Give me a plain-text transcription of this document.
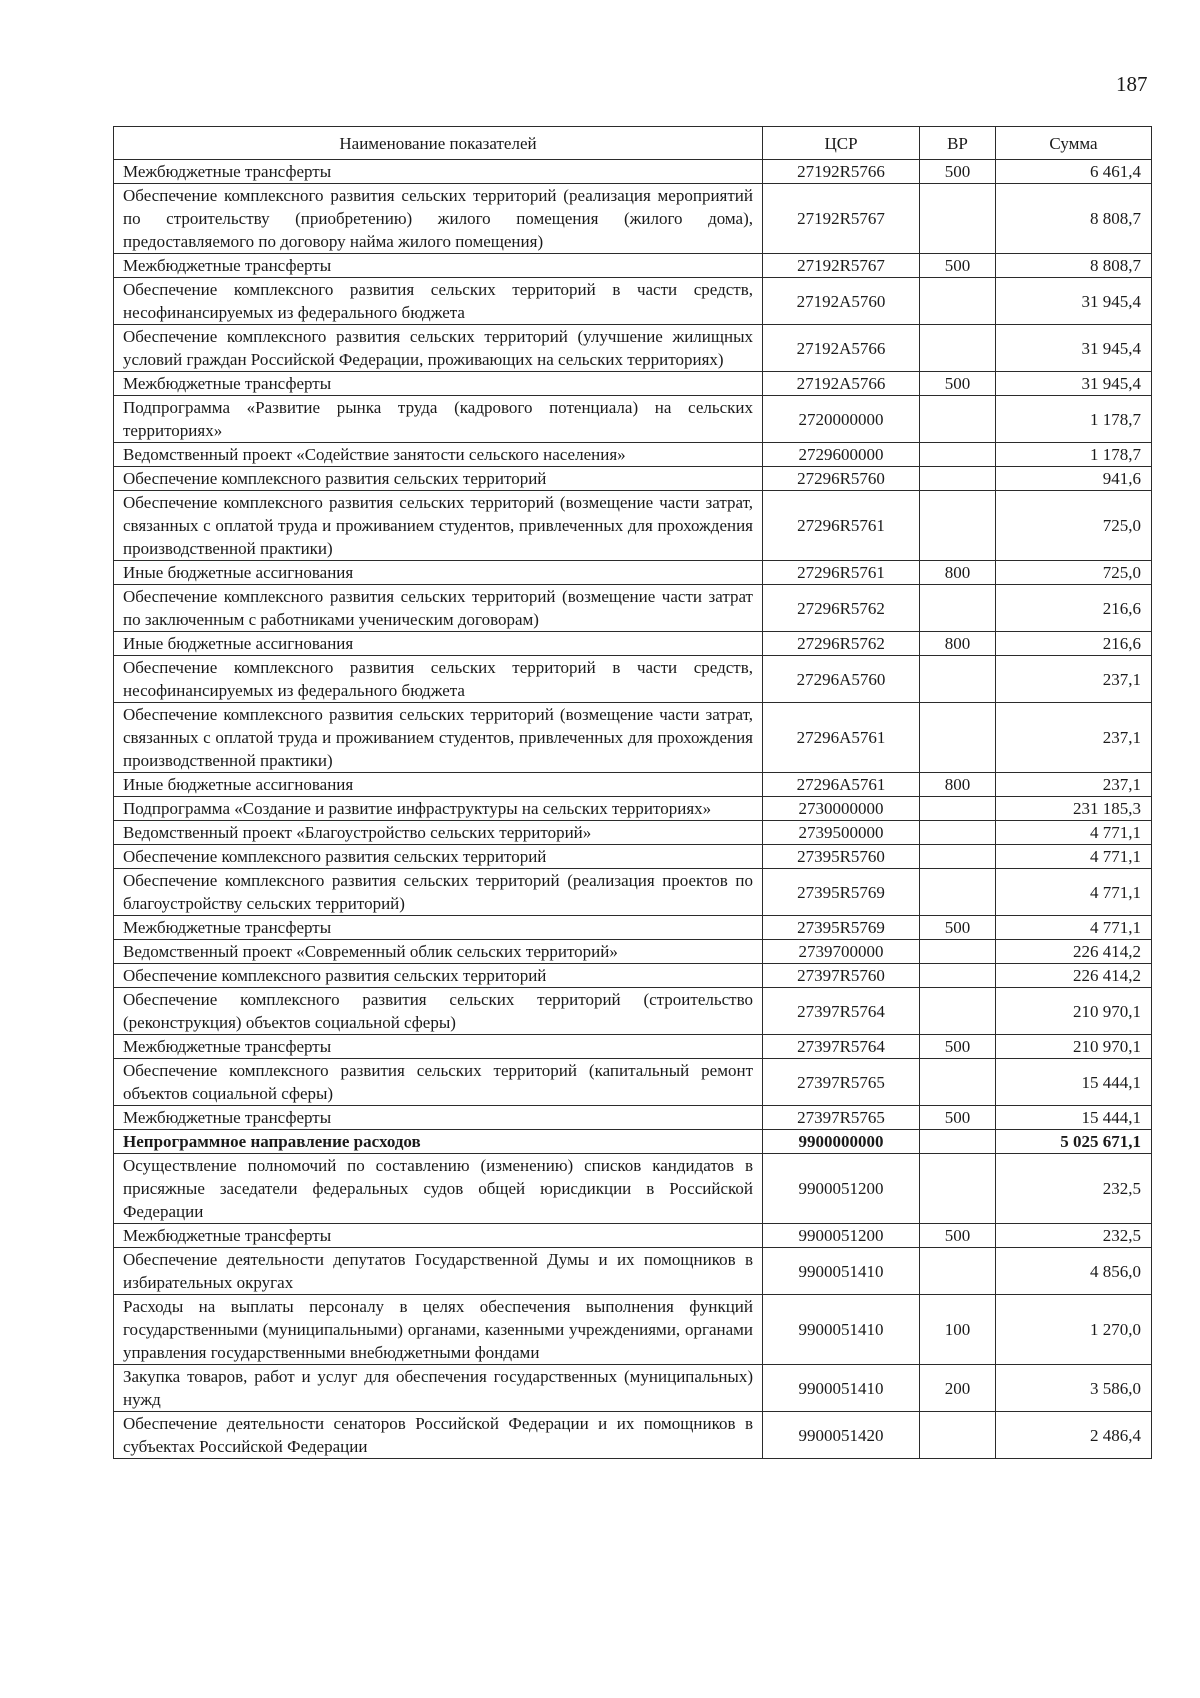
187
Наименование показателей	ЦСР	ВР	Сумма
Межбюджетные трансферты	27192R5766	500	6 461,4
Обеспечение комплексного развития сельских территорий (реализация мероприятий по строительству (приобретению) жилого помещения (жилого дома), предоставляемого по договору найма жилого помещения)	27192R5767		8 808,7
Межбюджетные трансферты	27192R5767	500	8 808,7
Обеспечение комплексного развития сельских территорий в части средств, несофинансируемых из федерального бюджета	27192А5760		31 945,4
Обеспечение комплексного развития сельских территорий (улучшение жилищных условий граждан Российской Федерации, проживающих на сельских территориях)	27192А5766		31 945,4
Межбюджетные трансферты	27192А5766	500	31 945,4
Подпрограмма «Развитие рынка труда (кадрового потенциала) на сельских территориях»	2720000000		1 178,7
Ведомственный проект «Содействие занятости сельского населения»	2729600000		1 178,7
Обеспечение комплексного развития сельских территорий	27296R5760		941,6
Обеспечение комплексного развития сельских территорий (возмещение части затрат, связанных с оплатой труда и проживанием студентов, привлеченных для прохождения производственной практики)	27296R5761		725,0
Иные бюджетные ассигнования	27296R5761	800	725,0
Обеспечение комплексного развития сельских территорий (возмещение части затрат по заключенным с работниками ученическим договорам)	27296R5762		216,6
Иные бюджетные ассигнования	27296R5762	800	216,6
Обеспечение комплексного развития сельских территорий в части средств, несофинансируемых из федерального бюджета	27296А5760		237,1
Обеспечение комплексного развития сельских территорий (возмещение части затрат, связанных с оплатой труда и проживанием студентов, привлеченных для прохождения производственной практики)	27296А5761		237,1
Иные бюджетные ассигнования	27296А5761	800	237,1
Подпрограмма «Создание и развитие инфраструктуры на сельских территориях»	2730000000		231 185,3
Ведомственный проект «Благоустройство сельских территорий»	2739500000		4 771,1
Обеспечение комплексного развития сельских территорий	27395R5760		4 771,1
Обеспечение комплексного развития сельских территорий (реализация проектов по благоустройству сельских территорий)	27395R5769		4 771,1
Межбюджетные трансферты	27395R5769	500	4 771,1
Ведомственный проект «Современный облик сельских территорий»	2739700000		226 414,2
Обеспечение комплексного развития сельских территорий	27397R5760		226 414,2
Обеспечение комплексного развития сельских территорий (строительство (реконструкция) объектов социальной сферы)	27397R5764		210 970,1
Межбюджетные трансферты	27397R5764	500	210 970,1
Обеспечение комплексного развития сельских территорий (капитальный ремонт объектов социальной сферы)	27397R5765		15 444,1
Межбюджетные трансферты	27397R5765	500	15 444,1
Непрограммное направление расходов	9900000000		5 025 671,1
Осуществление полномочий по составлению (изменению) списков кандидатов в присяжные заседатели федеральных судов общей юрисдикции в Российской Федерации	9900051200		232,5
Межбюджетные трансферты	9900051200	500	232,5
Обеспечение деятельности депутатов Государственной Думы и их помощников в избирательных округах	9900051410		4 856,0
Расходы на выплаты персоналу в целях обеспечения выполнения функций государственными (муниципальными) органами, казенными учреждениями, органами управления государственными внебюджетными фондами	9900051410	100	1 270,0
Закупка товаров, работ и услуг для обеспечения государственных (муниципальных) нужд	9900051410	200	3 586,0
Обеспечение деятельности сенаторов Российской Федерации и их помощников в субъектах Российской Федерации	9900051420		2 486,4
